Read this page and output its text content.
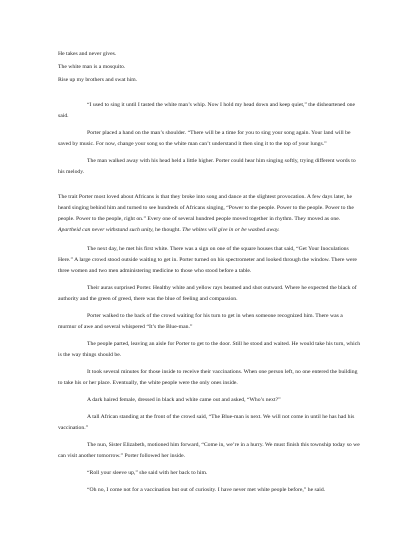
He takes and never gives.
The white man is a mosquito.
Rise up my brothers and swat him.

“I used to sing it until I tasted the white man’s whip. Now I hold my head down and keep quiet,” the disheartened one said.

Porter placed a hand on the man’s shoulder. “There will be a time for you to sing your song again. Your land will be saved by music. For now, change your song so the white man can’t understand it then sing it to the top of your lungs.”

The man walked away with his head held a little higher. Porter could hear him singing softly, trying different words to his melody.

The trait Porter most loved about Africans is that they broke into song and dance at the slightest provocation. A few days later, he heard singing behind him and turned to see hundreds of Africans singing, “Power to the people. Power to the people. Power to the people. Power to the people, right on.” Every one of several hundred people moved together in rhythm. They moved as one. Apartheid can never withstand such unity, he thought. The whites will give in or be washed away.

The next day, he met his first white. There was a sign on one of the square houses that said, “Get Your Inoculations Here.” A large crowd stood outside waiting to get in. Porter turned on his spectrometer and looked through the window. There were three women and two men administering medicine to those who stood before a table.

Their auras surprised Porter. Healthy white and yellow rays beamed and shot outward. Where he expected the black of authority and the green of greed, there was the blue of feeling and compassion.

Porter walked to the back of the crowd waiting for his turn to get in when someone recognized him. There was a murmur of awe and several whispered “It’s the Blue-man.”

The people parted, leaving an aisle for Porter to get to the door. Still he stood and waited. He would take his turn, which is the way things should be.

It took several minutes for those inside to receive their vaccinations. When one person left, no one entered the building to take his or her place. Eventually, the white people were the only ones inside.

A dark haired female, dressed in black and white came out and asked, “Who’s next?”

A tall African standing at the front of the crowd said, “The Blue-man is next. We will not come in until he has had his vaccination.”

The nun, Sister Elizabeth, motioned him forward, “Come in, we’re in a hurry. We must finish this township today so we can visit another tomorrow.” Porter followed her inside.

“Roll your sleeve up,” she said with her back to him.

“Oh no, I come not for a vaccination but out of curiosity. I have never met white people before,” he said.
